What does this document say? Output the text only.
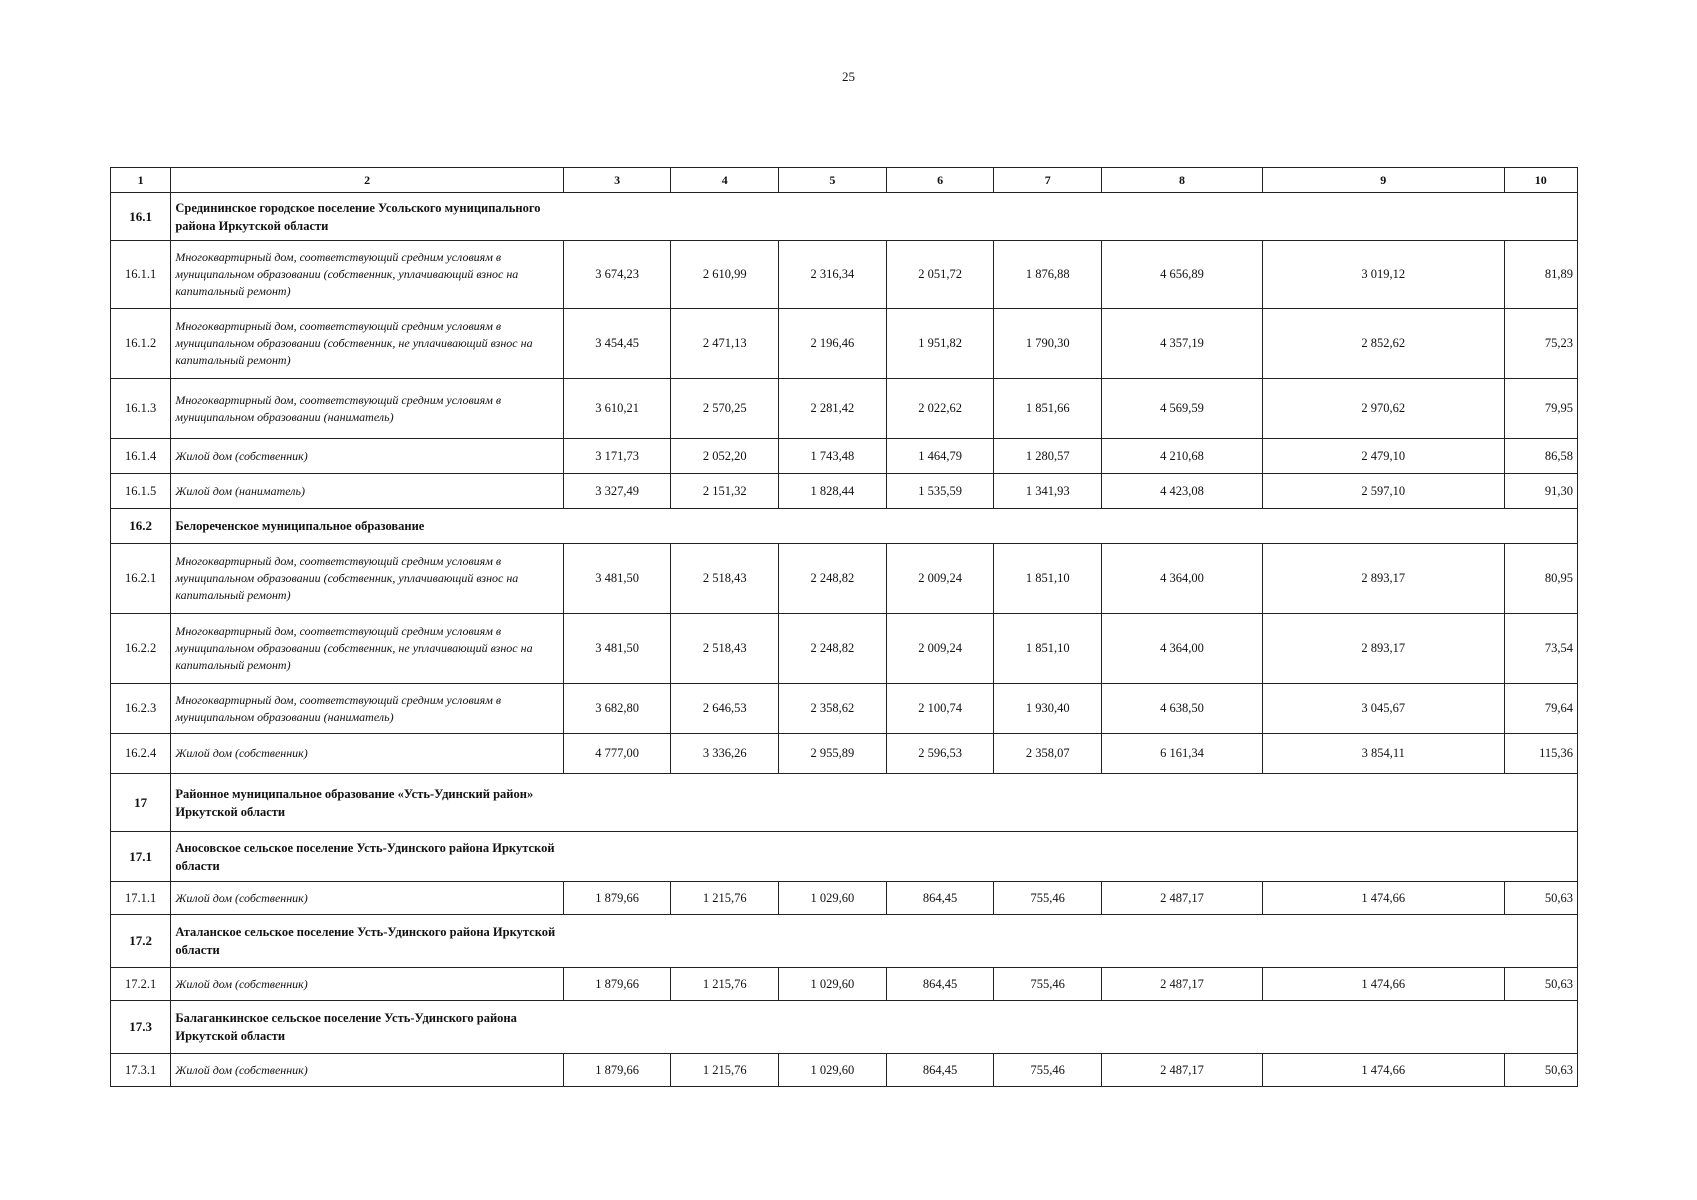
25
1	2	3	4	5	6	7	8	9	10
16.1	Средининское городское поселение Усольского муниципального района Иркутской области								

16.1.1	Многоквартирный дом, соответствующий средним условиям в муниципальном образовании (собственник, уплачивающий взнос на капитальный ремонт)	3 674,23	2 610,99	2 316,34	2 051,72	1 876,88	4 656,89	3 019,12	81,89
16.1.2	Многоквартирный дом, соответствующий средним условиям в муниципальном образовании (собственник, не уплачивающий взнос на капитальный ремонт)	3 454,45	2 471,13	2 196,46	1 951,82	1 790,30	4 357,19	2 852,62	75,23
16.1.3	Многоквартирный дом, соответствующий средним условиям в муниципальном образовании (наниматель)	3 610,21	2 570,25	2 281,42	2 022,62	1 851,66	4 569,59	2 970,62	79,95
16.1.4	Жилой дом (собственник)	3 171,73	2 052,20	1 743,48	1 464,79	1 280,57	4 210,68	2 479,10	86,58
16.1.5	Жилой дом (наниматель)	3 327,49	2 151,32	1 828,44	1 535,59	1 341,93	4 423,08	2 597,10	91,30
16.2	Белореченское муниципальное образование								

16.2.1	Многоквартирный дом, соответствующий средним условиям в муниципальном образовании (собственник, уплачивающий взнос на капитальный ремонт)	3 481,50	2 518,43	2 248,82	2 009,24	1 851,10	4 364,00	2 893,17	80,95
16.2.2	Многоквартирный дом, соответствующий средним условиям в муниципальном образовании (собственник, не уплачивающий взнос на капитальный ремонт)	3 481,50	2 518,43	2 248,82	2 009,24	1 851,10	4 364,00	2 893,17	73,54
16.2.3	Многоквартирный дом, соответствующий средним условиям в муниципальном образовании (наниматель)	3 682,80	2 646,53	2 358,62	2 100,74	1 930,40	4 638,50	3 045,67	79,64
16.2.4	Жилой дом (собственник)	4 777,00	3 336,26	2 955,89	2 596,53	2 358,07	6 161,34	3 854,11	115,36
17	Районное муниципальное образование «Усть-Удинский район» Иркутской области								

17.1	Аносовское сельское поселение Усть-Удинского района Иркутской области								

17.1.1	Жилой дом (собственник)	1 879,66	1 215,76	1 029,60	864,45	755,46	2 487,17	1 474,66	50,63
17.2	Аталанское сельское поселение Усть-Удинского района Иркутской области								

17.2.1	Жилой дом (собственник)	1 879,66	1 215,76	1 029,60	864,45	755,46	2 487,17	1 474,66	50,63
17.3	Балаганкинское сельское поселение Усть-Удинского района Иркутской области								

17.3.1	Жилой дом (собственник)	1 879,66	1 215,76	1 029,60	864,45	755,46	2 487,17	1 474,66	50,63
